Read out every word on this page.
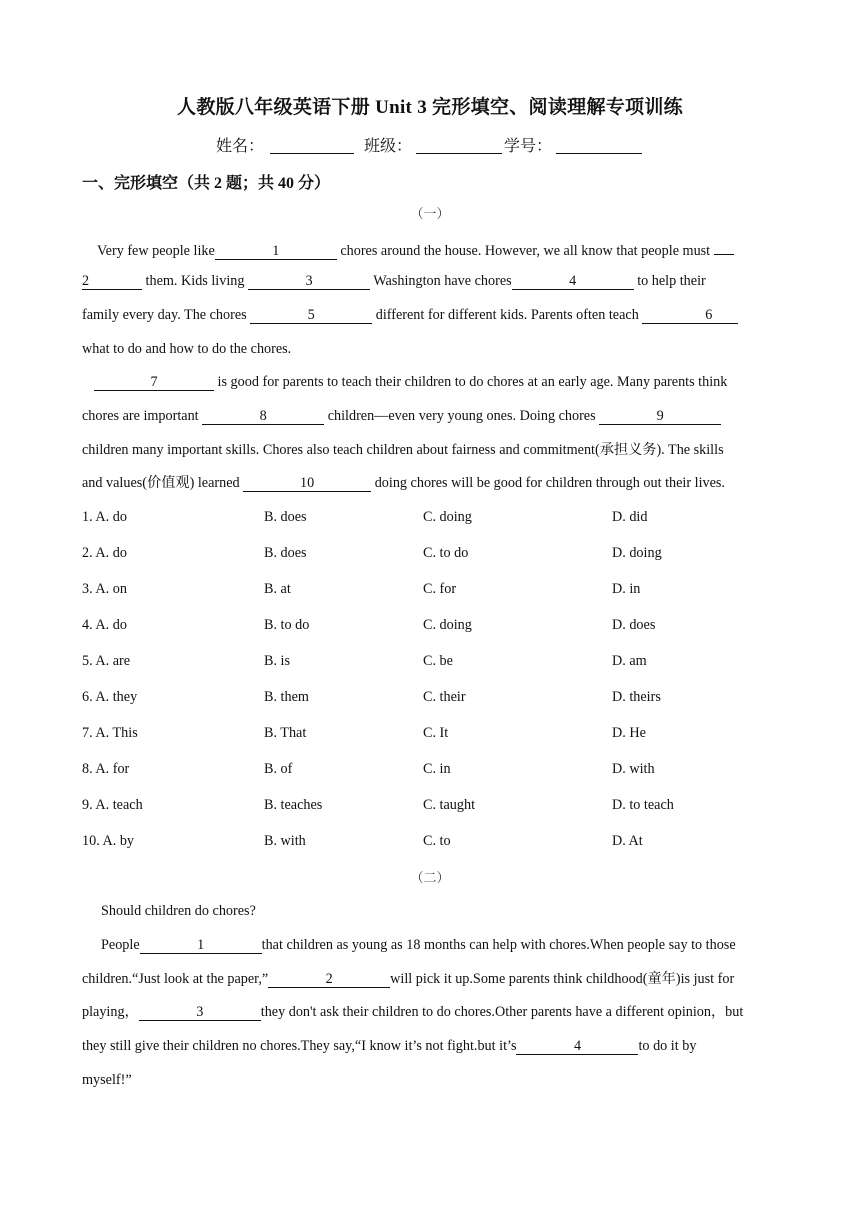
人教版八年级英语下册 Unit 3 完形填空、阅读理解专项训练
姓名：	班级：	学号：
一、完形填空（共 2 题；共 40 分）
（一）
Very few people like	1	chores around the house. However, we all know that people must
2	them. Kids living	3	Washington have chores	4	to help their
family every day. The chores	5	different for different kids. Parents often teach	6
what to do and how to do the chores.
7	is good for parents to teach their children to do chores at an early age. Many parents think
chores are important	8	children—even very young ones. Doing chores	9
children many important skills. Chores also teach children about fairness and commitment(承担义务). The skills
and values(价值观) learned	10	doing chores will be good for children through out their lives.
1. A. do	B. does	C. doing	D. did
2. A. do	B. does	C. to do	D. doing
3. A. on	B. at	C. for	D. in
4. A. do	B. to do	C. doing	D. does
5. A. are	B. is	C. be	D. am
6. A. they	B. them	C. their	D. theirs
7. A. This	B. That	C. It	D. He
8. A. for	B. of	C. in	D. with
9. A. teach	B. teaches	C. taught	D. to teach
10. A. by	B. with	C. to	D. At
（二）
Should children do chores?
People	1	that children as young as 18 months can help with chores.When people say to those
children.“Just look at the paper,”	2	will pick it up.Some parents think childhood(童年)is just for
playing，	3	they don't ask their children to do chores.Other parents have a different opinion，but
they still give their children no chores.They say,“I know it’s not fight.but it’s	4	to do it by
myself!”
